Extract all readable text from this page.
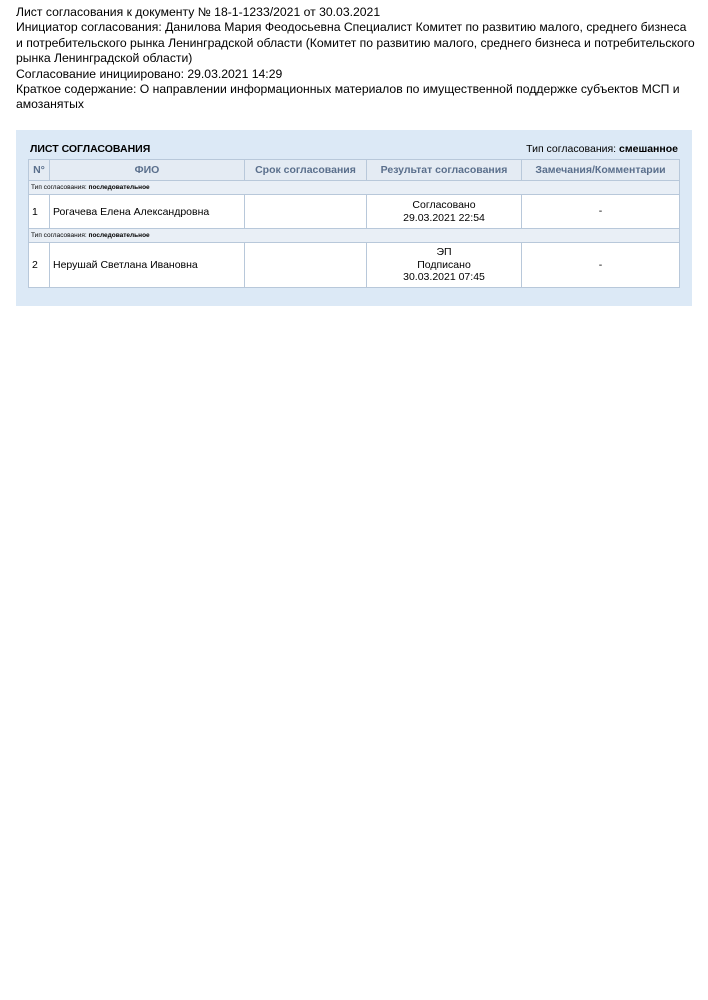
Лист согласования к документу № 18-1-1233/2021 от 30.03.2021
Инициатор согласования: Данилова Мария Феодосьевна Специалист Комитет по развитию малого, среднего бизнеса и потребительского рынка Ленинградской области (Комитет по развитию малого, среднего бизнеса и потребительского рынка Ленинградской области)
Согласование инициировано: 29.03.2021 14:29
Краткое содержание: О направлении информационных материалов по имущественной поддержке субъектов МСП и амозанятых
ЛИСТ СОГЛАСОВАНИЯ	Тип согласования: смешанное
N°	ФИО	Срок согласования	Результат согласования	Замечания/Комментарии
Тип согласования: последовательное				
1	Рогачева Елена Александровна		Согласовано
29.03.2021 22:54	-
Тип согласования: последовательное				
2	Нерушай Светлана Ивановна		ЭП
Подписано
30.03.2021 07:45	-
